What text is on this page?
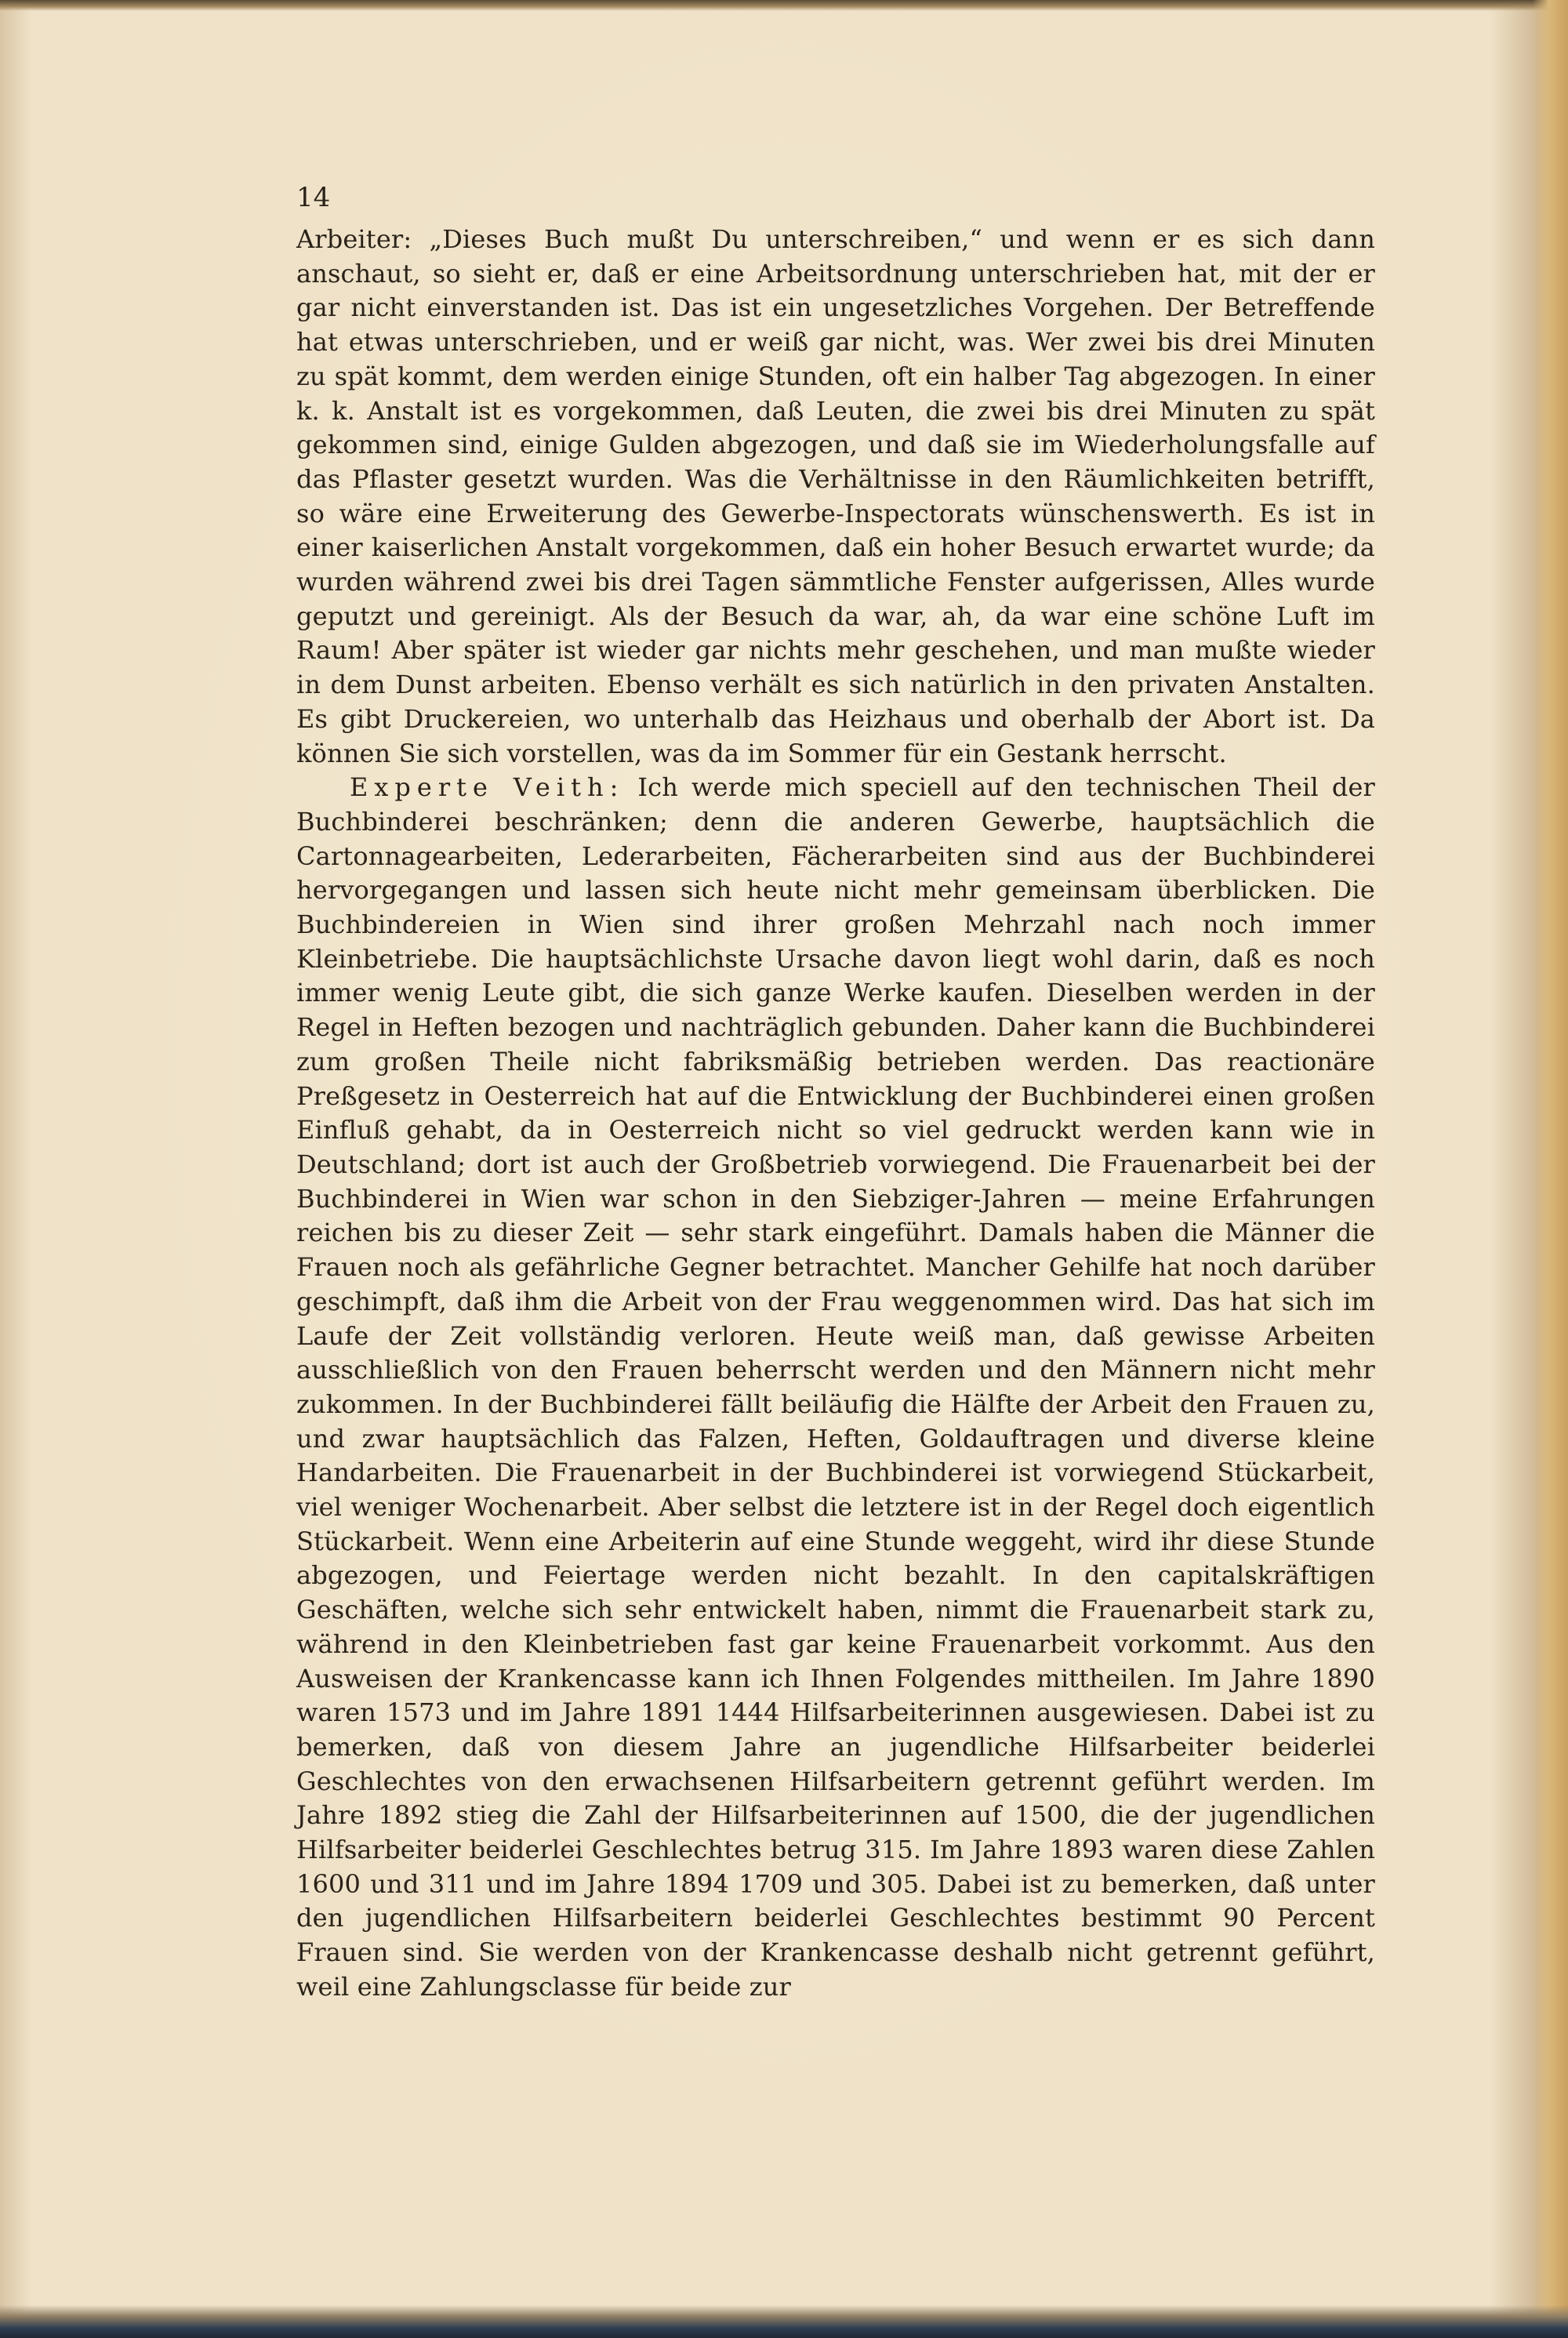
14

Arbeiter: „Dieses Buch mußt Du unterschreiben,“ und wenn er es sich dann anschaut, so sieht er, daß er eine Arbeitsordnung unterschrieben hat, mit der er gar nicht einverstanden ist. Das ist ein ungesetzliches Vorgehen. Der Betreffende hat etwas unterschrieben, und er weiß gar nicht, was. Wer zwei bis drei Minuten zu spät kommt, dem werden einige Stunden, oft ein halber Tag abgezogen. In einer k. k. Anstalt ist es vorgekommen, daß Leuten, die zwei bis drei Minuten zu spät gekommen sind, einige Gulden abgezogen, und daß sie im Wiederholungsfalle auf das Pflaster gesetzt wurden. Was die Verhältnisse in den Räumlichkeiten betrifft, so wäre eine Erweiterung des Gewerbe-Inspectorats wünschenswerth. Es ist in einer kaiserlichen Anstalt vorgekommen, daß ein hoher Besuch erwartet wurde; da wurden während zwei bis drei Tagen sämmtliche Fenster aufgerissen, Alles wurde geputzt und gereinigt. Als der Besuch da war, ah, da war eine schöne Luft im Raum! Aber später ist wieder gar nichts mehr geschehen, und man mußte wieder in dem Dunst arbeiten. Ebenso verhält es sich natürlich in den privaten Anstalten. Es gibt Druckereien, wo unterhalb das Heizhaus und oberhalb der Abort ist. Da können Sie sich vorstellen, was da im Sommer für ein Gestank herrscht.

Experte Veith: Ich werde mich speciell auf den technischen Theil der Buchbinderei beschränken; denn die anderen Gewerbe, hauptsächlich die Cartonnagearbeiten, Lederarbeiten, Fächerarbeiten sind aus der Buchbinderei hervorgegangen und lassen sich heute nicht mehr gemeinsam überblicken. Die Buchbindereien in Wien sind ihrer großen Mehrzahl nach noch immer Kleinbetriebe. Die hauptsächlichste Ursache davon liegt wohl darin, daß es noch immer wenig Leute gibt, die sich ganze Werke kaufen. Dieselben werden in der Regel in Heften bezogen und nachträglich gebunden. Daher kann die Buchbinderei zum großen Theile nicht fabriksmäßig betrieben werden. Das reactionäre Preßgesetz in Oesterreich hat auf die Entwicklung der Buchbinderei einen großen Einfluß gehabt, da in Oesterreich nicht so viel gedruckt werden kann wie in Deutschland; dort ist auch der Großbetrieb vorwiegend. Die Frauenarbeit bei der Buchbinderei in Wien war schon in den Siebziger-Jahren — meine Erfahrungen reichen bis zu dieser Zeit — sehr stark eingeführt. Damals haben die Männer die Frauen noch als gefährliche Gegner betrachtet. Mancher Gehilfe hat noch darüber geschimpft, daß ihm die Arbeit von der Frau weggenommen wird. Das hat sich im Laufe der Zeit vollständig verloren. Heute weiß man, daß gewisse Arbeiten ausschließlich von den Frauen beherrscht werden und den Männern nicht mehr zukommen. In der Buchbinderei fällt beiläufig die Hälfte der Arbeit den Frauen zu, und zwar hauptsächlich das Falzen, Heften, Goldauftragen und diverse kleine Handarbeiten. Die Frauenarbeit in der Buchbinderei ist vorwiegend Stückarbeit, viel weniger Wochenarbeit. Aber selbst die letztere ist in der Regel doch eigentlich Stückarbeit. Wenn eine Arbeiterin auf eine Stunde weggeht, wird ihr diese Stunde abgezogen, und Feiertage werden nicht bezahlt. In den capitalskräftigen Geschäften, welche sich sehr entwickelt haben, nimmt die Frauenarbeit stark zu, während in den Kleinbetrieben fast gar keine Frauenarbeit vorkommt. Aus den Ausweisen der Krankencasse kann ich Ihnen Folgendes mittheilen. Im Jahre 1890 waren 1573 und im Jahre 1891 1444 Hilfsarbeiterinnen ausgewiesen. Dabei ist zu bemerken, daß von diesem Jahre an jugendliche Hilfsarbeiter beiderlei Geschlechtes von den erwachsenen Hilfsarbeitern getrennt geführt werden. Im Jahre 1892 stieg die Zahl der Hilfsarbeiterinnen auf 1500, die der jugendlichen Hilfsarbeiter beiderlei Geschlechtes betrug 315. Im Jahre 1893 waren diese Zahlen 1600 und 311 und im Jahre 1894 1709 und 305. Dabei ist zu bemerken, daß unter den jugendlichen Hilfsarbeitern beiderlei Geschlechtes bestimmt 90 Percent Frauen sind. Sie werden von der Krankencasse deshalb nicht getrennt geführt, weil eine Zahlungsclasse für beide zur
